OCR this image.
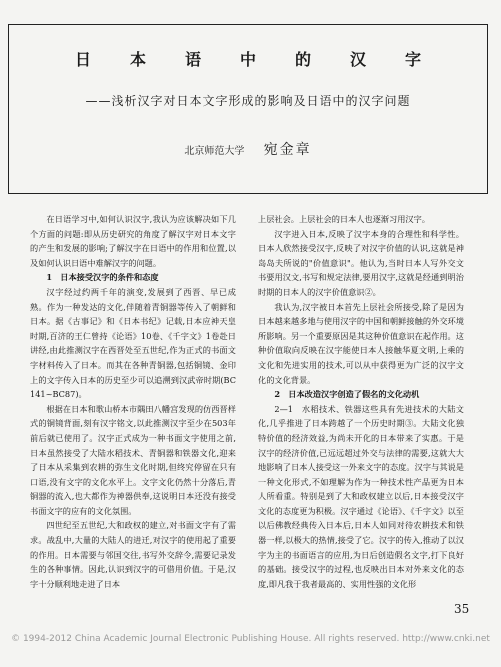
日本语中的汉字
——浅析汉字对日本文字形成的影响及日语中的汉字问题
北京师范大学 宛金章

在日语学习中,如何认识汉字,我认为应该解决如下几个方面的问题:即从历史研究的角度了解汉字对日本文字的产生和发展的影响;了解汉字在日语中的作用和位置,以及如何认识日语中难解汉字的问题。

1　日本接受汉字的条件和态度

汉字经过约两千年的演变,发展到了西晋、早已成熟。作为一种发达的文化,伴随着青铜器等传入了朝鲜和日本。据《古事记》和《日本书纪》记载,日本应神天皇时期,百济的王仁曾持《论语》10卷、《千字文》1卷赴日讲经,由此推测汉字在西晋处至五世纪,作为正式的书面文字材料传入了日本。而其在各种青铜器,包括铜镜、金印上的文字传入日本的历史至少可以追溯到汉武帝时期(BC141~BC87)。

根据在日本和歌山桥本市隅田八幡宫发现的仿西晋样式的铜镜背面,刻有汉字铭文,以此推测汉字至少在503年前后就已使用了。汉字正式成为一种书面文字使用之前,日本虽然接受了大陆水稻技术、青铜器和铁器文化,迎来了日本从采集到农耕的弥生文化时期,但终究停留在只有口语,没有文字的文化水平上。文字文化仍然十分落后,青铜器的流入,也大都作为神器供奉,这说明日本还没有接受书面文字的应有的文化氛围。

四世纪至五世纪,大和政权的建立,对书面文字有了需求。战乱中,大量的大陆人的进迁,对汉字的使用起了重要的作用。日本需要与邻国交往,书写外交辞令,需要记录发生的各种事情。因此,认识到汉字的可借用价值。于是,汉字十分顺利地走进了日本

上层社会。上层社会的日本人也逐渐习用汉字。

汉字进入日本,反映了汉字本身的合理性和科学性。日本人欣然接受汉字,反映了对汉字价值的认识,这就是神岛岛夫所说的"价值意识"。他认为,当时日本人写外交文书要用汉文,书写和规定法律,要用汉字,这就是经通到明治时期的日本人的汉字价值意识②。

我认为,汉字被日本首先上层社会所接受,除了是因为日本越来越多地与使用汉字的中国和朝鲜接触的外交环境所影响。另一个重要原因是其这种价值意识在起作用。这种价值取向反映在汉字能使日本人接触华夏文明,上乘的文化和先进实用的技术,可以从中获得更为广泛的汉字文化的文化背景。

2　日本改造汉字创造了假名的文化动机

2—1　水稻技术、铁器这些具有先进技术的大陆文化,几乎推进了日本跨越了一个历史时期③。大陆文化独特价值的经济效益,为尚未开化的日本带来了实惠。于是汉字的经济价值,已远远超过外交与法律的需要,这就大大地影响了日本人接受这一外来文字的态度。汉字与其说是一种文化形式,不如理解为作为一种技术性产品更为日本人所看重。特别是到了大和政权建立以后,日本接受汉字文化的态度更为积极。汉字通过《论语》、《千字文》以至以后佛教经典传入日本后,日本人如同对待农耕技术和铁器一样,以极大的热情,接受了它。汉字的传入,推动了以汉字为主的书面语言的应用,为日后创造假名文字,打下良好的基础。接受汉字的过程,也反映出日本对外来文化的态度,即凡我于我者最高的、实用性强的文化形

35
© 1994-2012 China Academic Journal Electronic Publishing House. All rights reserved. http://www.cnki.net
